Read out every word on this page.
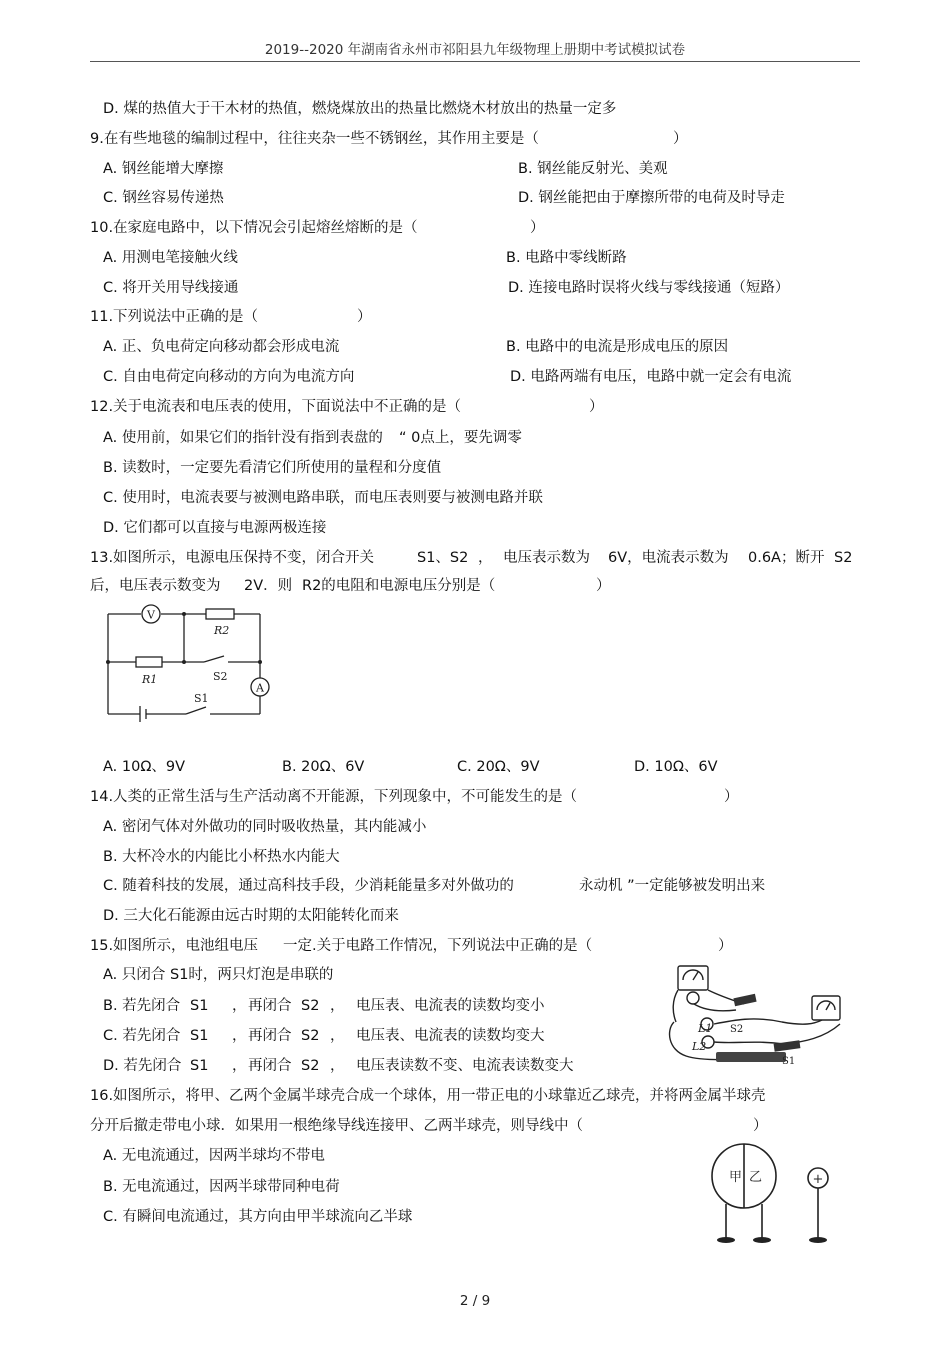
2019--2020 年湖南省永州市祁阳县九年级物理上册期中考试模拟试卷
D. 煤的热值大于干木材的热值，燃烧煤放出的热量比燃烧木材放出的热量一定多
9.在有些地毯的编制过程中，往往夹杂一些不锈钢丝，其作用主要是（	）
A. 钢丝能增大摩擦	B. 钢丝能反射光、美观
C. 钢丝容易传递热	D. 钢丝能把由于摩擦所带的电荷及时导走
10.在家庭电路中，以下情况会引起熔丝熔断的是（	）
A. 用测电笔接触火线	B. 电路中零线断路
C. 将开关用导线接通	D. 连接电路时误将火线与零线接通（短路）
11.下列说法中正确的是（	）
A. 正、负电荷定向移动都会形成电流	B. 电路中的电流是形成电压的原因
C. 自由电荷定向移动的方向为电流方向	D. 电路两端有电压，电路中就一定会有电流
12.关于电流表和电压表的使用，下面说法中不正确的是（	）
A. 使用前，如果它们的指针没有指到表盘的 “ 0点上，要先调零
B. 读数时，一定要先看清它们所使用的量程和分度值
C. 使用时，电流表要与被测电路串联，而电压表则要与被测电路并联
D. 它们都可以直接与电源两极连接
13.如图所示，电源电压保持不变，闭合开关	S1、S2 ， 电压表示数为 6V，电流表示数为 0.6A；断开 S2
后，电压表示数变为 2V．则 R2的电阻和电源电压分别是（	）
V
A
R2
R1	S2
S1
A. 10Ω、9V	B. 20Ω、6V	C. 20Ω、9V	D. 10Ω、6V
14.人类的正常生活与生产活动离不开能源，下列现象中，不可能发生的是（	）
A. 密闭气体对外做功的同时吸收热量，其内能减小
B. 大杯冷水的内能比小杯热水内能大
C. 随着科技的发展，通过高科技手段，少消耗能量多对外做功的	永动机 ”一定能够被发明出来
D. 三大化石能源由远古时期的太阳能转化而来
15.如图所示，电池组电压 一定.关于电路工作情况，下列说法中正确的是（	）
A. 只闭合 S1时，两只灯泡是串联的
B. 若先闭合 S1 ， 再闭合 S2 ， 电压表、电流表的读数均变小
C. 若先闭合 S1 ， 再闭合 S2 ， 电压表、电流表的读数均变大
D. 若先闭合 S1 ， 再闭合 S2 ， 电压表读数不变、电流表读数变大
L1
L2
S2
S1
16.如图所示，将甲、乙两个金属半球壳合成一个球体，用一带正电的小球靠近乙球壳，并将两金属半球壳
分开后撤走带电小球．如果用一根绝缘导线连接甲、乙两半球壳，则导线中（	）
A. 无电流通过，因两半球均不带电
B. 无电流通过，因两半球带同种电荷
C. 有瞬间电流通过，其方向由甲半球流向乙半球
甲 乙	+
2 / 9
